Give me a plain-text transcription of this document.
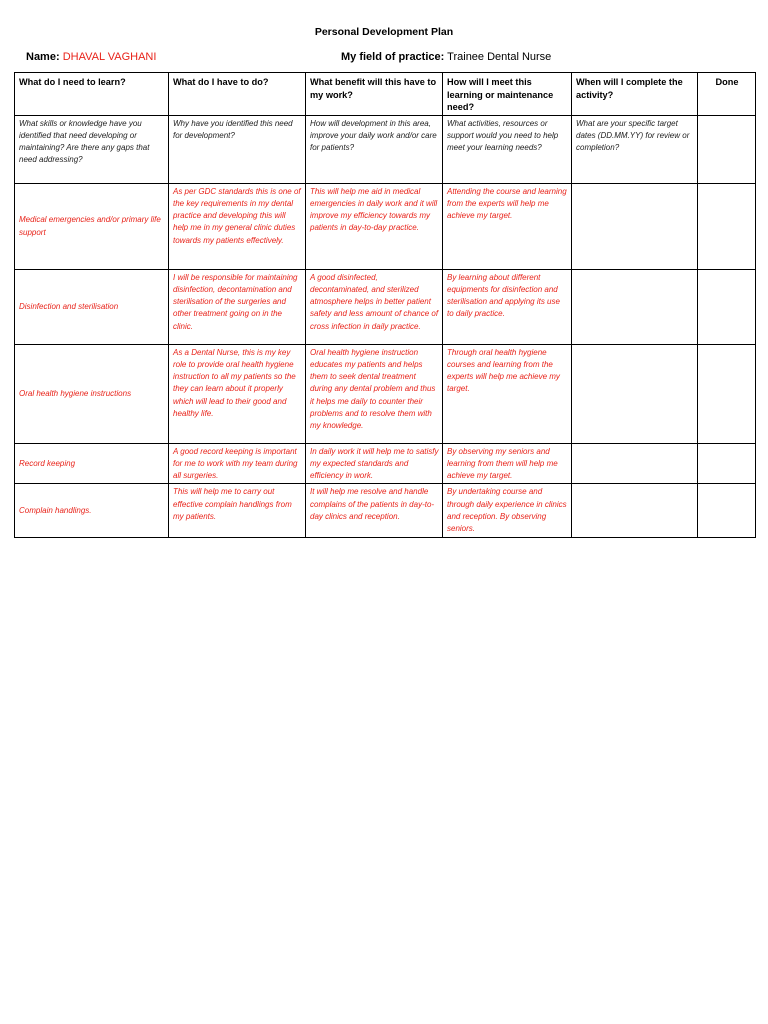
Personal Development Plan
Name: DHAVAL VAGHANI	My field of practice: Trainee Dental Nurse
What do I need to learn?	What do I have to do?	What benefit will this have to my work?	How will I meet this learning or maintenance need?	When will I complete the activity?	Done
What skills or knowledge have you identified that need developing or maintaining? Are there any gaps that need addressing?	Why have you identified this need for development?	How will development in this area, improve your daily work and/or care for patients?	What activities, resources or support would you need to help meet your learning needs?	What are your specific target dates (DD.MM.YY) for review or completion?	
Medical emergencies and/or primary life support	As per GDC standards this is one of the key requirements in my dental practice and developing this will help me in my general clinic duties towards my patients effectively.	This will help me aid in medical emergencies in daily work and it will improve my efficiency towards my patients in day-to-day practice.	Attending the course and learning from the experts will help me achieve my target.		
Disinfection and sterilisation	I will be responsible for maintaining disinfection, decontamination and sterilisation of the surgeries and other treatment going on in the clinic.	A good disinfected, decontaminated, and sterilized atmosphere helps in better patient safety and less amount of chance of cross infection in daily practice.	By learning about different equipments for disinfection and sterilisation and applying its use to daily practice.		
Oral health hygiene instructions	As a Dental Nurse, this is my key role to provide oral health hygiene instruction to all my patients so the they can learn about it properly which will lead to their good and healthy life.	Oral health hygiene instruction educates my patients and helps them to seek dental treatment during any dental problem and thus it helps me daily to counter their problems and to resolve them with my knowledge.	Through oral health hygiene courses and learning from the experts will help me achieve my target.		
Record keeping	A good record keeping is important for me to work with my team during all surgeries.	In daily work it will help me to satisfy my expected standards and efficiency in work.	By observing my seniors and learning from them will help me achieve my target.		
Complain handlings.	This will help me to carry out effective complain handlings from my patients.	It will help me resolve and handle complains of the patients in day-to-day clinics and reception.	By undertaking course and through daily experience in clinics and reception. By observing seniors.		
